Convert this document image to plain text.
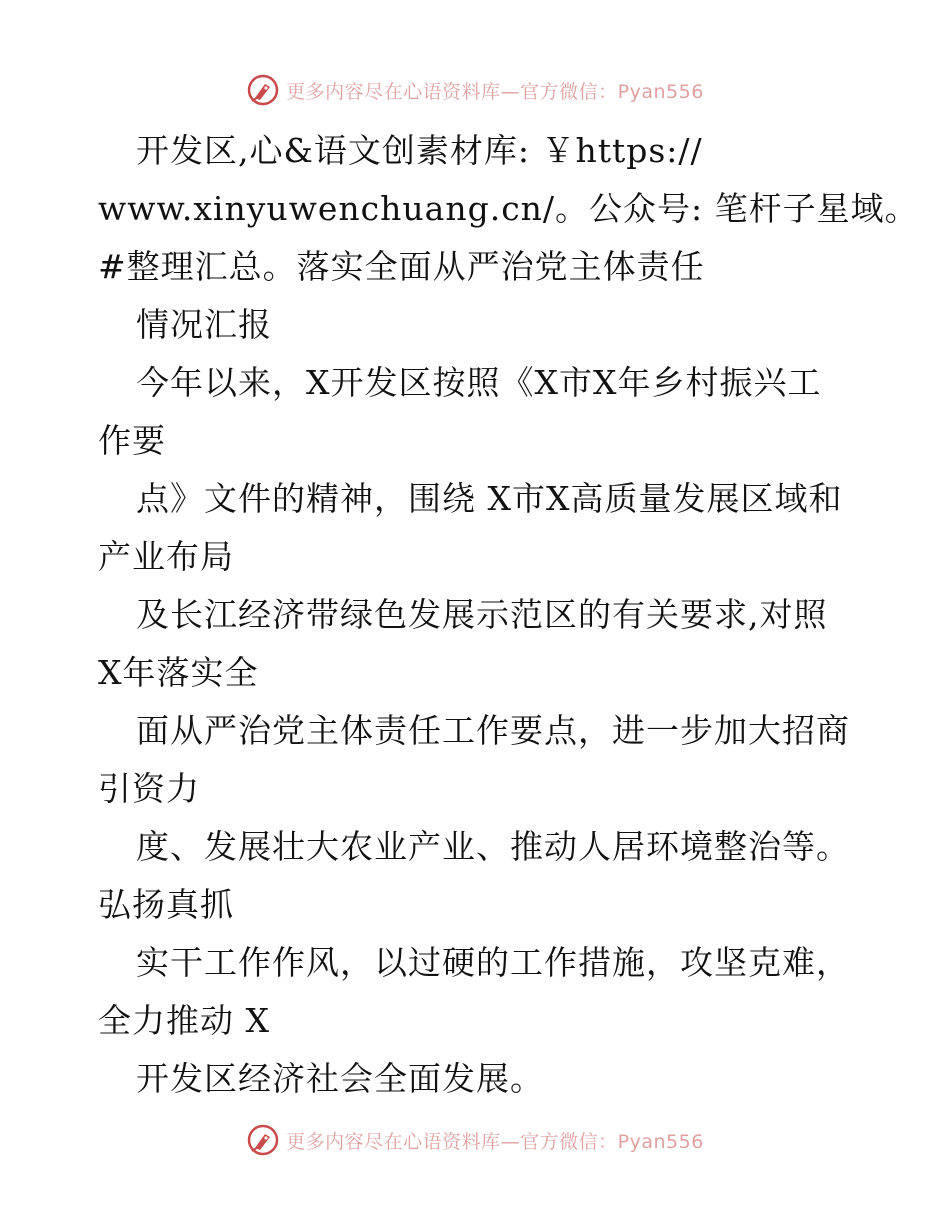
更多内容尽在心语资料库—官方微信：Pyan556
开发区,心&语文创素材库: ￥https://
www.xinyuwenchuang.cn/。公众号: 笔杆子星域。
#整理汇总。落实全面从严治党主体责任
情况汇报
今年以来，X开发区按照《X市X年乡村振兴工
作要
点》文件的精神，围绕 X市X高质量发展区域和
产业布局
及长江经济带绿色发展示范区的有关要求,对照
X年落实全
面从严治党主体责任工作要点，进一步加大招商
引资力
度、发展壮大农业产业、推动人居环境整治等。
弘扬真抓
实干工作作风，以过硬的工作措施，攻坚克难，
全力推动 X
开发区经济社会全面发展。
更多内容尽在心语资料库—官方微信：Pyan556
